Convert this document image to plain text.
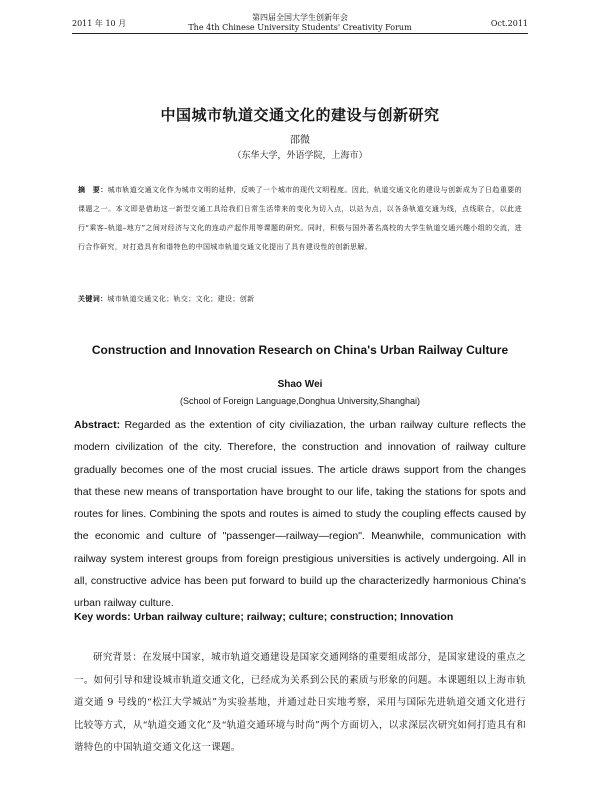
2011 年 10 月
第四届全国大学生创新年会
The 4th Chinese University Students' Creativity Forum	Oct.2011
中国城市轨道交通文化的建设与创新研究
邵微
（东华大学，外语学院，上海市）
摘　要：城市轨道交通文化作为城市文明的延伸，反映了一个城市的现代文明程度。因此，轨道交通文化的建设与创新成为了日趋重要的课题之一。本文即是借助这一新型交通工具给我们日常生活带来的变化为切入点，以站为点，以各条轨道交通为线，点线联合，以此进行“乘客–轨道–地方”之间对经济与文化的连动产起作用等课题的研究。同时，积极与国外著名高校的大学生轨道交通兴趣小组的交流，进行合作研究，对打造具有和谐特色的中国城市轨道交通文化提出了具有建设性的创新思解。
关键词：城市轨道交通文化；轨交；文化；建设；创新
Construction and Innovation Research on China's Urban Railway Culture
Shao Wei
(School of Foreign Language,Donghua University,Shanghai)
Abstract: Regarded as the extention of city civiliazation, the urban railway culture reflects the modern civilization of the city. Therefore, the construction and innovation of railway culture gradually becomes one of the most crucial issues. The article draws support from the changes that these new means of transportation have brought to our life, taking the stations for spots and routes for lines. Combining the spots and routes is aimed to study the coupling effects caused by the economic and culture of "passenger—railway—region". Meanwhile, communication with railway system interest groups from foreign prestigious universities is actively undergoing. All in all, constructive advice has been put forward to build up the characterizedly harmonious China's urban railway culture.
Key words: Urban railway culture; railway; culture; construction; Innovation
研究背景：在发展中国家，城市轨道交通建设是国家交通网络的重要组成部分，是国家建设的重点之一。如何引导和建设城市轨道交通文化，已经成为关系到公民的素质与形象的问题。本课题组以上海市轨道交通 9 号线的“松江大学城站”为实验基地，并通过赴日实地考察，采用与国际先进轨道交通文化进行比较等方式，从“轨道交通文化”及“轨道交通环境与时尚”两个方面切入，以求深层次研究如何打造具有和谐特色的中国轨道交通文化这一课题。
